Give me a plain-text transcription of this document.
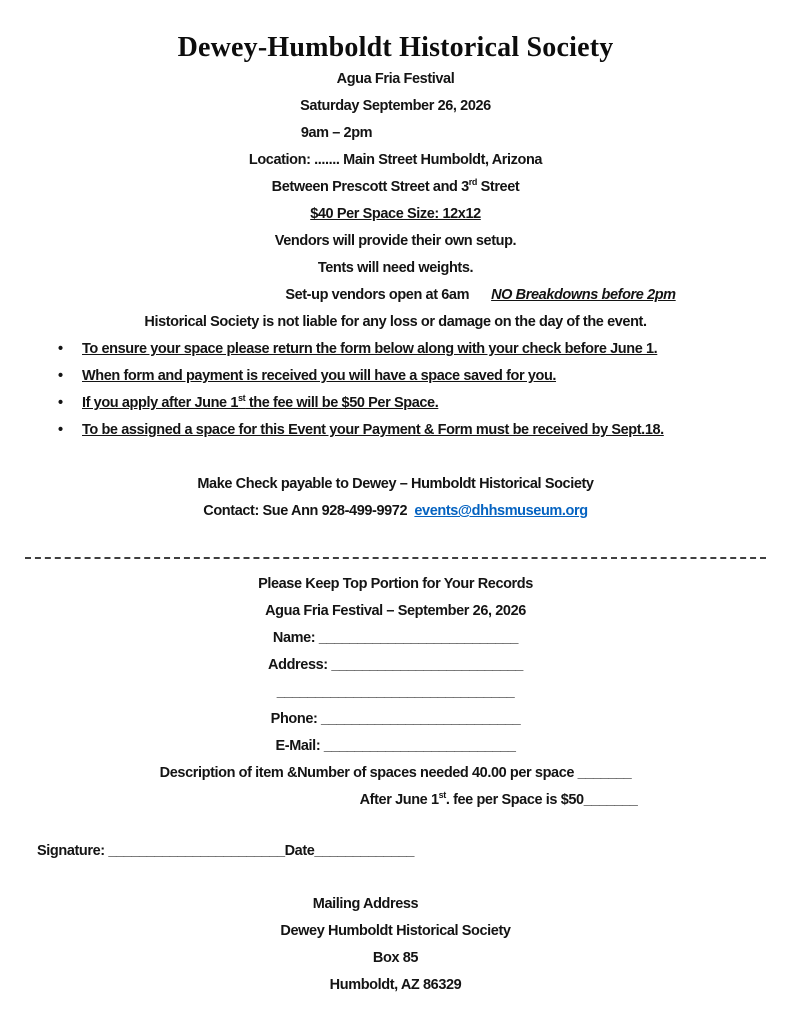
Dewey-Humboldt Historical Society

Agua Fria Festival

Saturday September 26, 2026

9am – 2pm

Location: ....... Main Street Humboldt, Arizona

Between Prescott Street and 3rd Street

$40 Per Space Size: 12x12

Vendors will provide their own setup.

Tents will need weights.

Set-up vendors open at 6am NO Breakdowns before 2pm

Historical Society is not liable for any loss or damage on the day of the event.

• To ensure your space please return the form below along with your check before June 1.
• When form and payment is received you will have a space saved for you.
• If you apply after June 1st the fee will be $50 Per Space.
• To be assigned a space for this Event your Payment & Form must be received by Sept.18.

Make Check payable to Dewey – Humboldt Historical Society

Contact: Sue Ann 928-499-9972 events@dhhsmuseum.org

Please Keep Top Portion for Your Records

Agua Fria Festival – September 26, 2026

Name: __________________________

Address: _________________________

_______________________________

Phone: __________________________

E-Mail: _________________________

Description of item &Number of spaces needed 40.00 per space _______

After June 1st. fee per Space is $50_______

Signature: _______________________Date_____________

Mailing Address

Dewey Humboldt Historical Society

Box 85

Humboldt, AZ 86329
